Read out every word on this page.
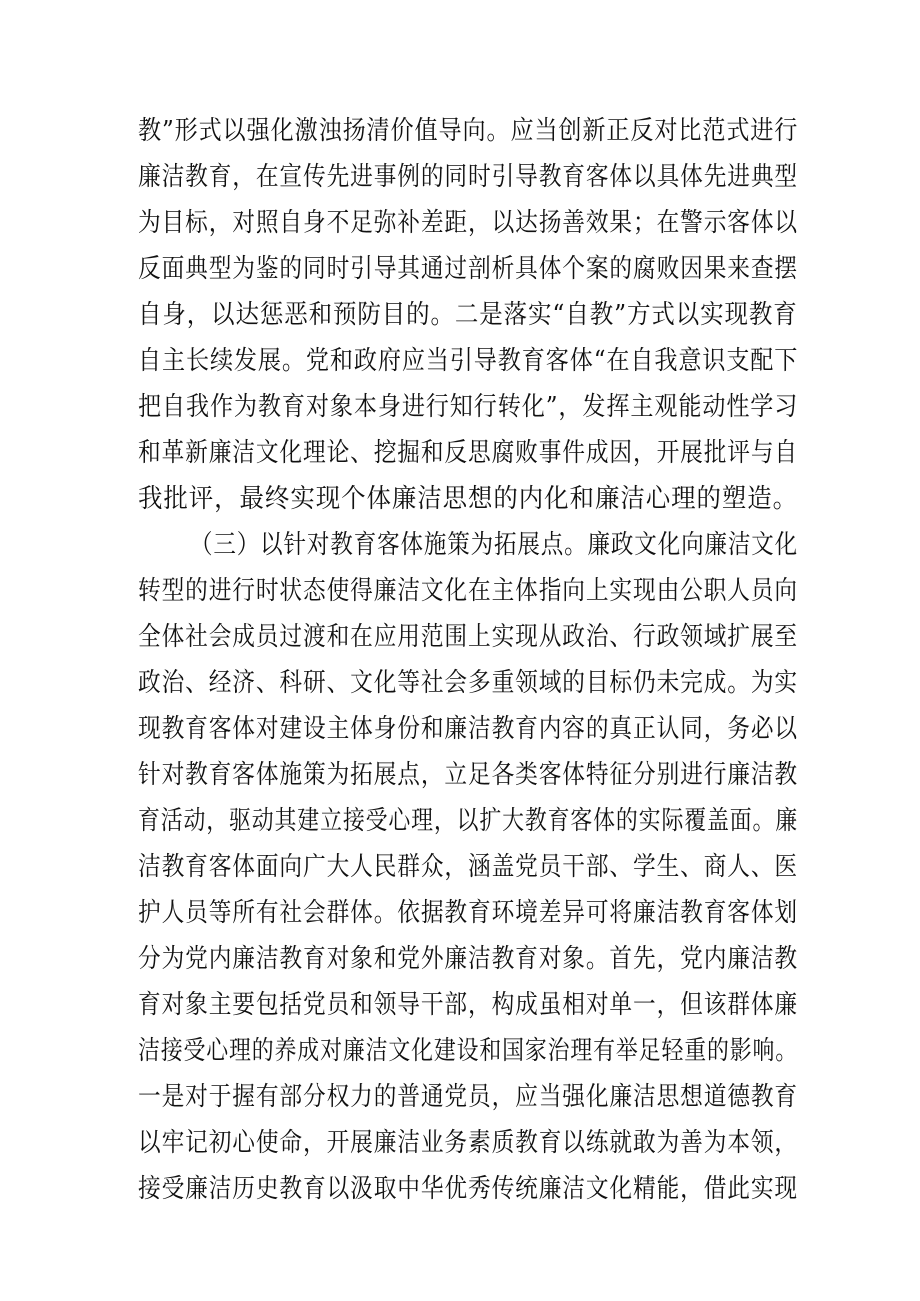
教”形式以强化激浊扬清价值导向。应当创新正反对比范式进行
廉洁教育，在宣传先进事例的同时引导教育客体以具体先进典型
为目标，对照自身不足弥补差距，以达扬善效果；在警示客体以
反面典型为鉴的同时引导其通过剖析具体个案的腐败因果来查摆
自身，以达惩恶和预防目的。二是落实“自教”方式以实现教育
自主长续发展。党和政府应当引导教育客体“在自我意识支配下
把自我作为教育对象本身进行知行转化”，发挥主观能动性学习
和革新廉洁文化理论、挖掘和反思腐败事件成因，开展批评与自
我批评，最终实现个体廉洁思想的内化和廉洁心理的塑造。
（三）以针对教育客体施策为拓展点。廉政文化向廉洁文化
转型的进行时状态使得廉洁文化在主体指向上实现由公职人员向
全体社会成员过渡和在应用范围上实现从政治、行政领域扩展至
政治、经济、科研、文化等社会多重领域的目标仍未完成。为实
现教育客体对建设主体身份和廉洁教育内容的真正认同，务必以
针对教育客体施策为拓展点，立足各类客体特征分别进行廉洁教
育活动，驱动其建立接受心理，以扩大教育客体的实际覆盖面。廉
洁教育客体面向广大人民群众，涵盖党员干部、学生、商人、医
护人员等所有社会群体。依据教育环境差异可将廉洁教育客体划
分为党内廉洁教育对象和党外廉洁教育对象。首先，党内廉洁教
育对象主要包括党员和领导干部，构成虽相对单一，但该群体廉
洁接受心理的养成对廉洁文化建设和国家治理有举足轻重的影响。
一是对于握有部分权力的普通党员，应当强化廉洁思想道德教育
以牢记初心使命，开展廉洁业务素质教育以练就敢为善为本领，
接受廉洁历史教育以汲取中华优秀传统廉洁文化精能，借此实现
